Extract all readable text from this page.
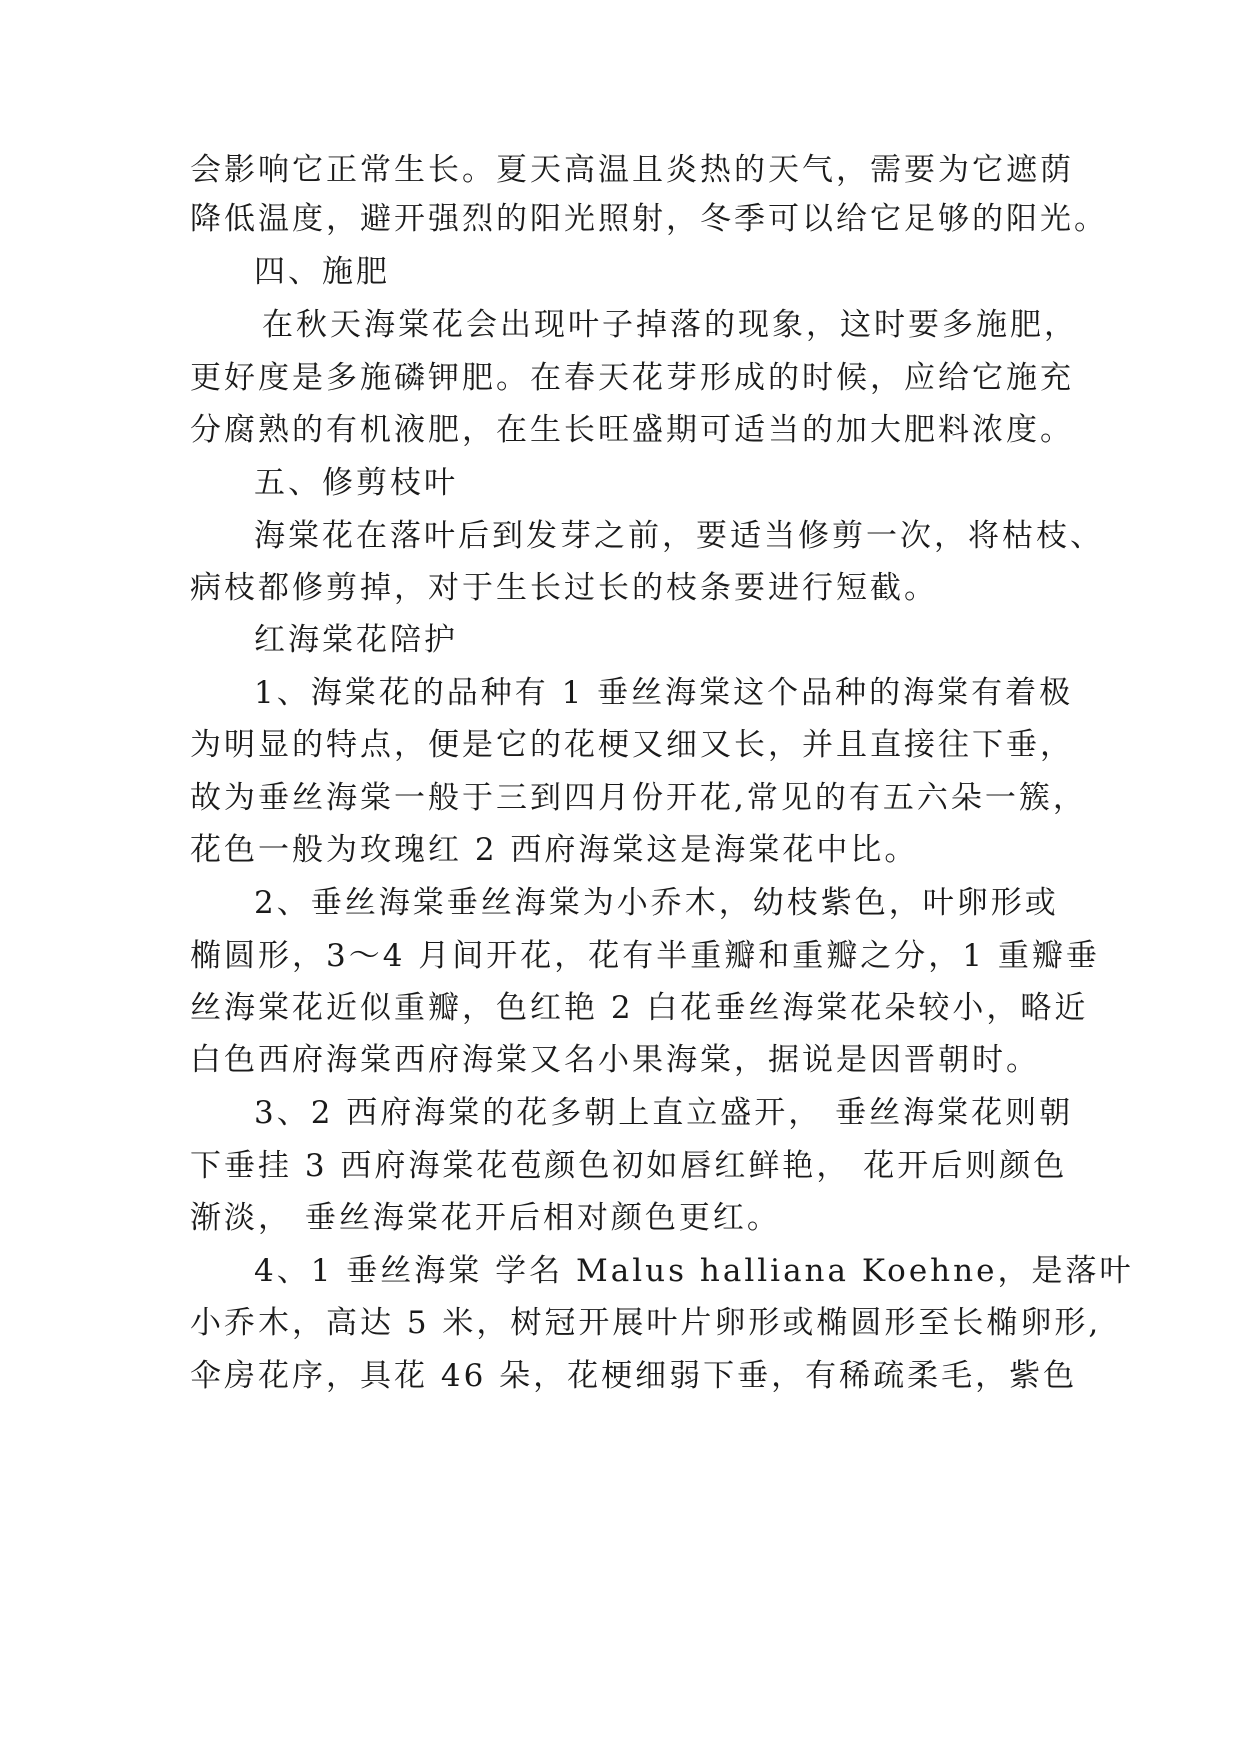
会影响它正常生长。夏天高温且炎热的天气，需要为它遮荫
降低温度，避开强烈的阳光照射，冬季可以给它足够的阳光。
四、施肥
在秋天海棠花会出现叶子掉落的现象，这时要多施肥，
更好度是多施磷钾肥。在春天花芽形成的时候，应给它施充
分腐熟的有机液肥，在生长旺盛期可适当的加大肥料浓度。
五、修剪枝叶
海棠花在落叶后到发芽之前，要适当修剪一次，将枯枝、
病枝都修剪掉，对于生长过长的枝条要进行短截。
红海棠花陪护
1、海棠花的品种有 1 垂丝海棠这个品种的海棠有着极
为明显的特点，便是它的花梗又细又长，并且直接往下垂，
故为垂丝海棠一般于三到四月份开花,常见的有五六朵一簇，
花色一般为玫瑰红 2 西府海棠这是海棠花中比。
2、垂丝海棠垂丝海棠为小乔木，幼枝紫色，叶卵形或
椭圆形，3～4 月间开花，花有半重瓣和重瓣之分，1 重瓣垂
丝海棠花近似重瓣，色红艳 2 白花垂丝海棠花朵较小，略近
白色西府海棠西府海棠又名小果海棠，据说是因晋朝时。
3、2 西府海棠的花多朝上直立盛开， 垂丝海棠花则朝
下垂挂 3 西府海棠花苞颜色初如唇红鲜艳， 花开后则颜色
渐淡， 垂丝海棠花开后相对颜色更红。
4、1 垂丝海棠 学名 Malus halliana Koehne，是落叶
小乔木，高达 5 米，树冠开展叶片卵形或椭圆形至长椭卵形,
伞房花序，具花 46 朵，花梗细弱下垂，有稀疏柔毛，紫色
